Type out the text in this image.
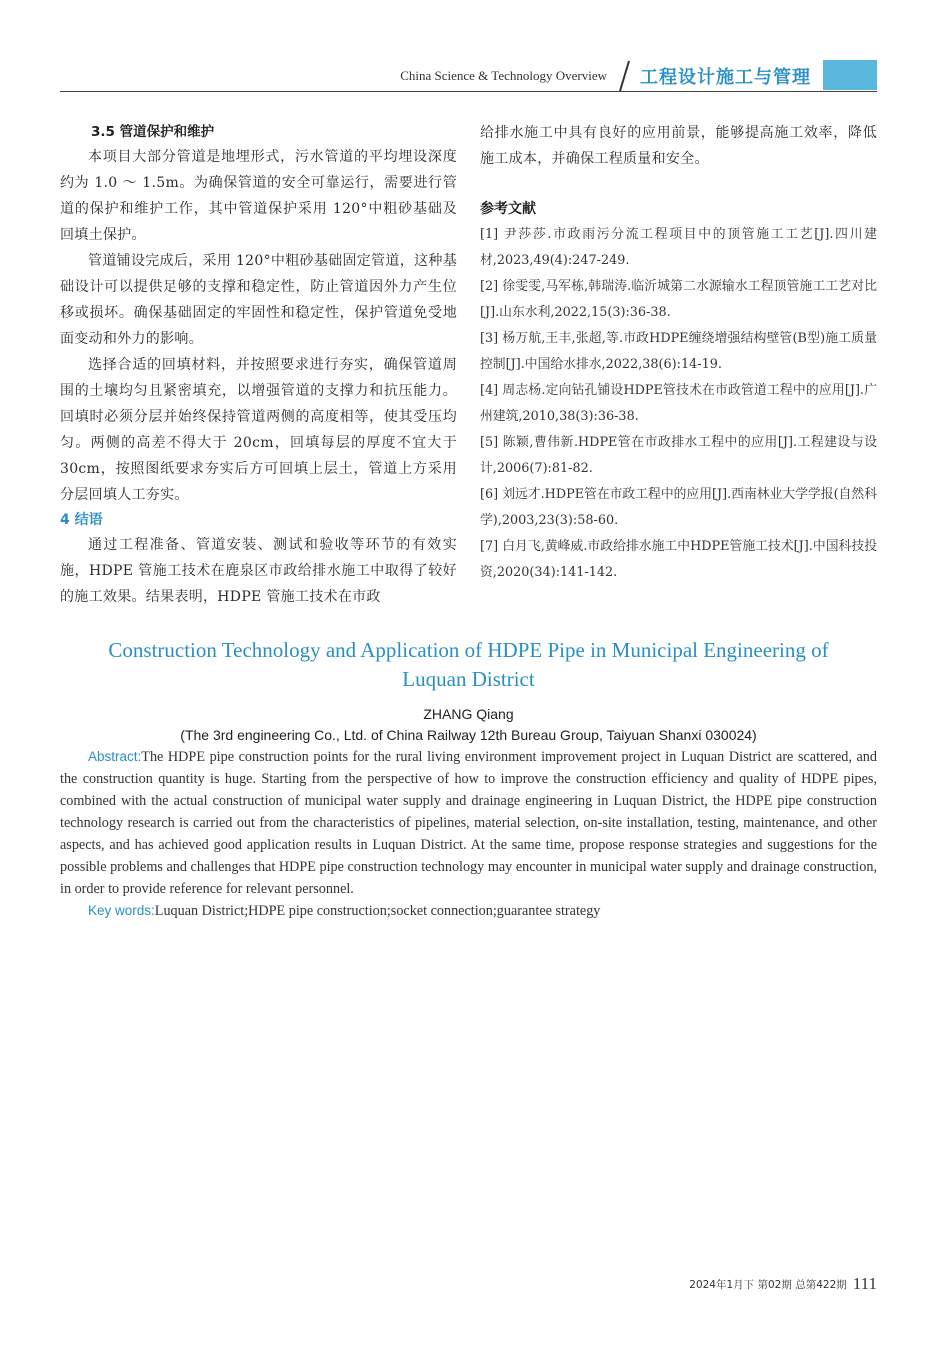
China Science & Technology Overview 工程设计施工与管理
3.5 管道保护和维护

本项目大部分管道是地埋形式，污水管道的平均埋设深度约为 1.0 ～ 1.5m。为确保管道的安全可靠运行，需要进行管道的保护和维护工作，其中管道保护采用 120°中粗砂基础及回填土保护。

管道铺设完成后，采用 120°中粗砂基础固定管道，这种基础设计可以提供足够的支撑和稳定性，防止管道因外力产生位移或损坏。确保基础固定的牢固性和稳定性，保护管道免受地面变动和外力的影响。

选择合适的回填材料，并按照要求进行夯实，确保管道周围的土壤均匀且紧密填充，以增强管道的支撑力和抗压能力。回填时必须分层并始终保持管道两侧的高度相等，使其受压均匀。两侧的高差不得大于 20cm，回填每层的厚度不宜大于 30cm，按照图纸要求夯实后方可回填上层土，管道上方采用分层回填人工夯实。

4 结语

通过工程准备、管道安装、测试和验收等环节的有效实施，HDPE 管施工技术在鹿泉区市政给排水施工中取得了较好的施工效果。结果表明，HDPE 管施工技术在市政

给排水施工中具有良好的应用前景，能够提高施工效率，降低施工成本，并确保工程质量和安全。

参考文献
[1] 尹莎莎.市政雨污分流工程项目中的顶管施工工艺[J].四川建材,2023,49(4):247-249.
[2] 徐雯雯,马军栋,韩瑞涛.临沂城第二水源输水工程顶管施工工艺对比[J].山东水利,2022,15(3):36-38.
[3] 杨万航,王丰,张超,等.市政HDPE缠绕增强结构壁管(B型)施工质量控制[J].中国给水排水,2022,38(6):14-19.
[4] 周志杨.定向钻孔铺设HDPE管技术在市政管道工程中的应用[J].广州建筑,2010,38(3):36-38.
[5] 陈颖,曹伟新.HDPE管在市政排水工程中的应用[J].工程建设与设计,2006(7):81-82.
[6] 刘远才.HDPE管在市政工程中的应用[J].西南林业大学学报(自然科学),2003,23(3):58-60.
[7] 白月飞,黄峰威.市政给排水施工中HDPE管施工技术[J].中国科技投资,2020(34):141-142.
Construction Technology and Application of HDPE Pipe in Municipal Engineering of Luquan District
ZHANG Qiang
(The 3rd engineering Co., Ltd. of China Railway 12th Bureau Group, Taiyuan Shanxi 030024)

Abstract:The HDPE pipe construction points for the rural living environment improvement project in Luquan District are scattered, and the construction quantity is huge. Starting from the perspective of how to improve the construction efficiency and quality of HDPE pipes, combined with the actual construction of municipal water supply and drainage engineering in Luquan District, the HDPE pipe construction technology research is carried out from the characteristics of pipelines, material selection, on-site installation, testing, maintenance, and other aspects, and has achieved good application results in Luquan District. At the same time, propose response strategies and suggestions for the possible problems and challenges that HDPE pipe construction technology may encounter in municipal water supply and drainage construction, in order to provide reference for relevant personnel.

Key words:Luquan District;HDPE pipe construction;socket connection;guarantee strategy

2024年1月下 第02期 总第422期 111
